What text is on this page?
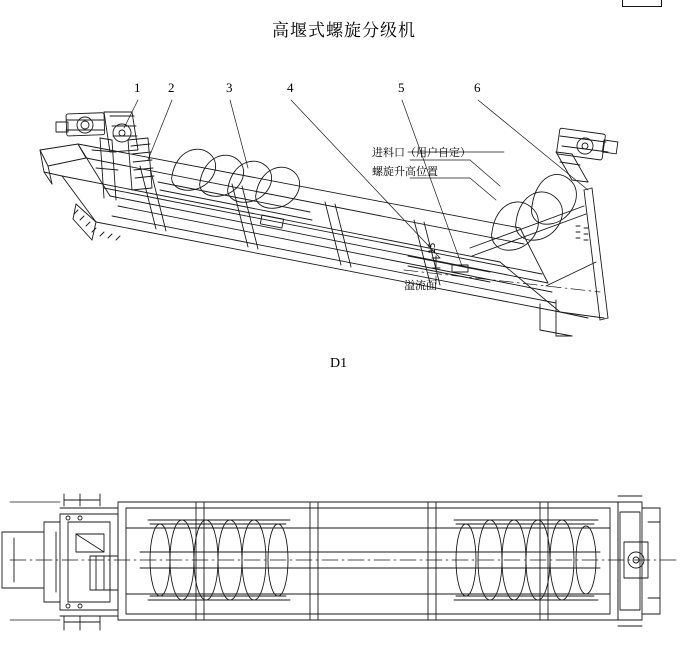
高堰式螺旋分级机
1 2	3	4	5	6
进料口（用户自定）
螺旋升高位置
溢流面
15
D1
